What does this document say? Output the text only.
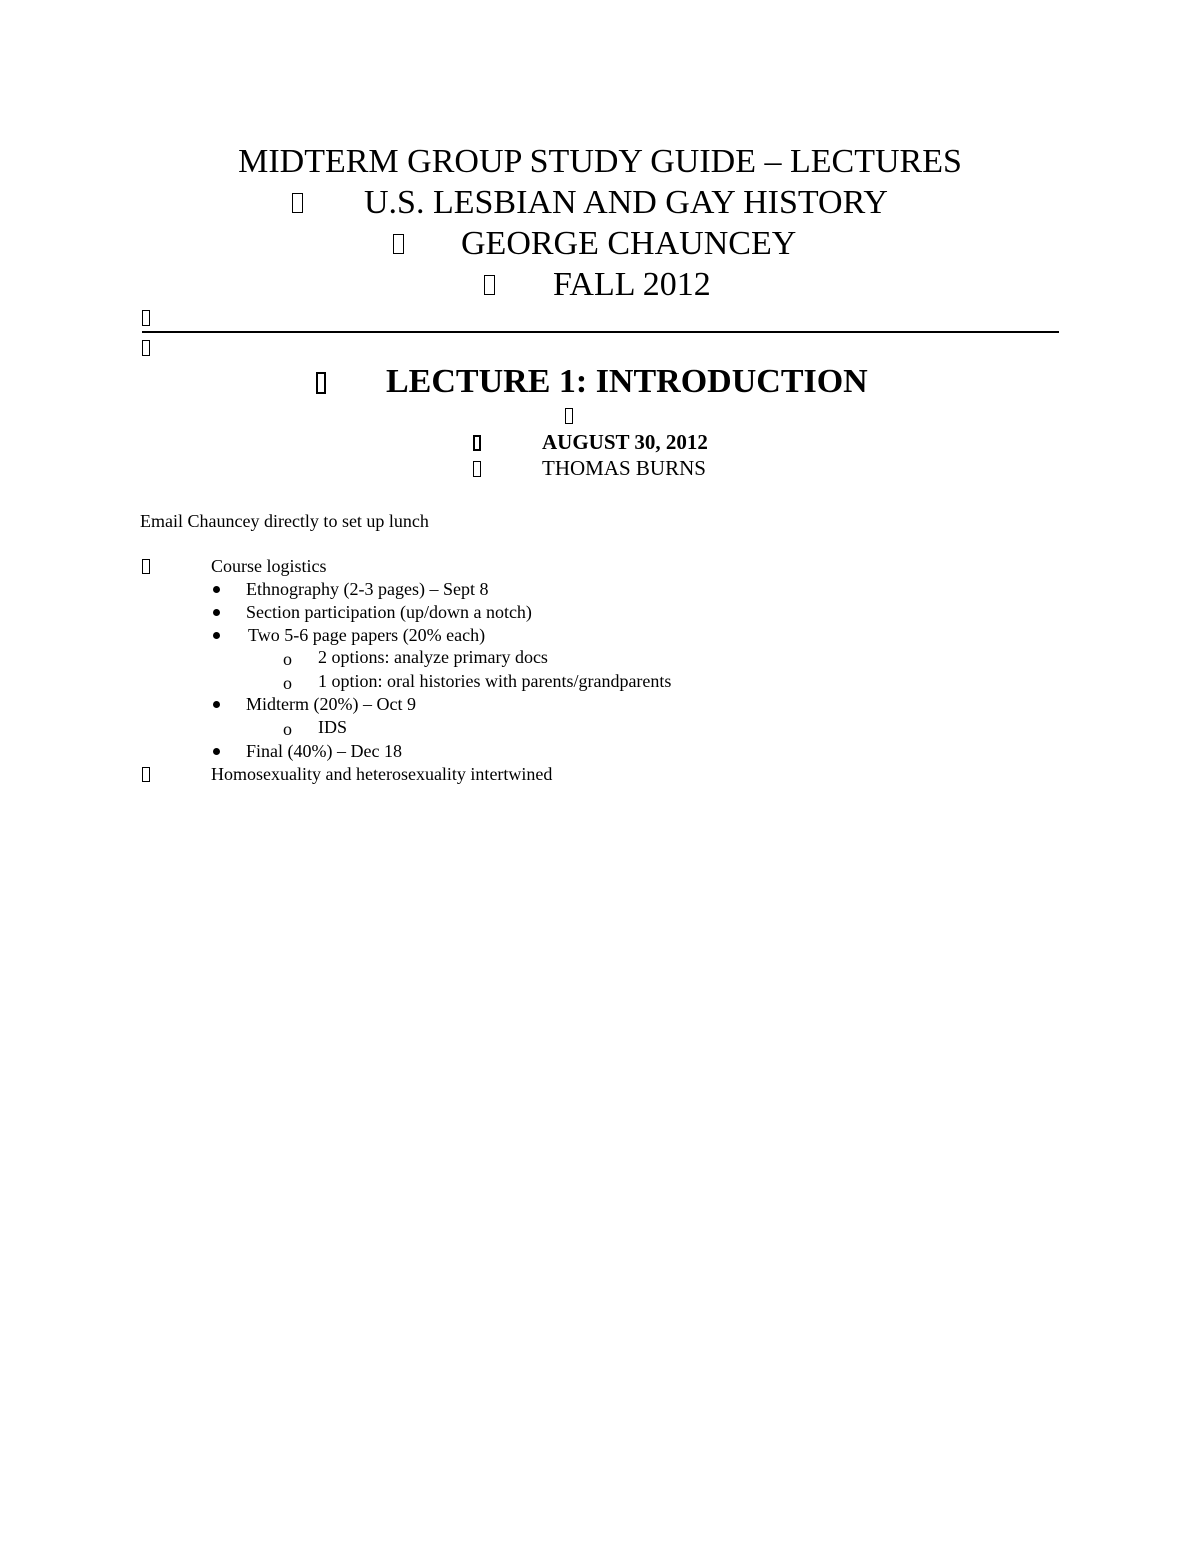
MIDTERM GROUP STUDY GUIDE – LECTURES
U.S. LESBIAN AND GAY HISTORY
GEORGE CHAUNCEY
FALL 2012
LECTURE 1: INTRODUCTION
AUGUST 30, 2012
THOMAS BURNS
Email Chauncey directly to set up lunch
Course logistics
Ethnography (2-3 pages) – Sept 8
Section participation (up/down a notch)
Two 5-6 page papers (20% each)
o 2 options: analyze primary docs
o 1 option: oral histories with parents/grandparents
Midterm (20%) – Oct 9
o IDS
Final (40%) – Dec 18
Homosexuality and heterosexuality intertwined
